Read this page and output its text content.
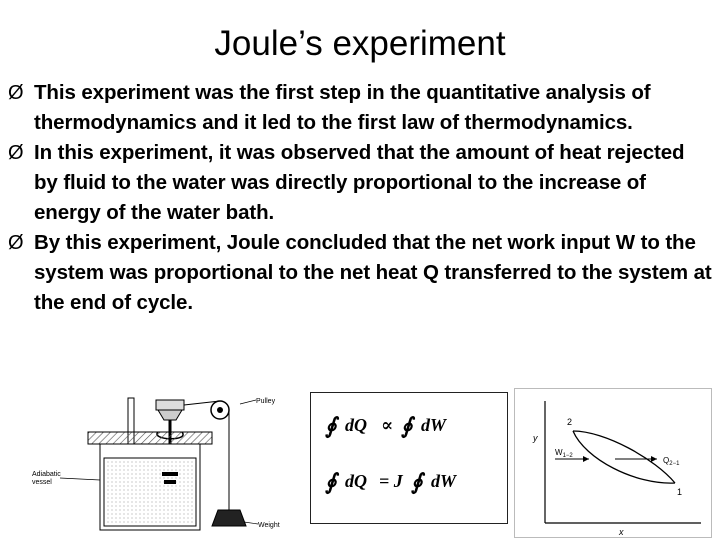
Joule’s experiment
Ø This experiment was the first step in the quantitative analysis of thermodynamics and it led to the first law of thermodynamics.
Ø In this experiment, it was observed that the amount of heat rejected by fluid to the water was directly proportional to the increase of energy of the water bath.
Ø By this experiment, Joule concluded that the net work input W to the system was proportional to the net heat Q transferred to the system at the end of cycle.
Pulley
Weight
Adiabatic
vessel
∮ dQ ∝ ∮ dW
∮ dQ = J ∮ dW
y
x
2
1
$W_{1-2}$	$Q_{2-1}$
